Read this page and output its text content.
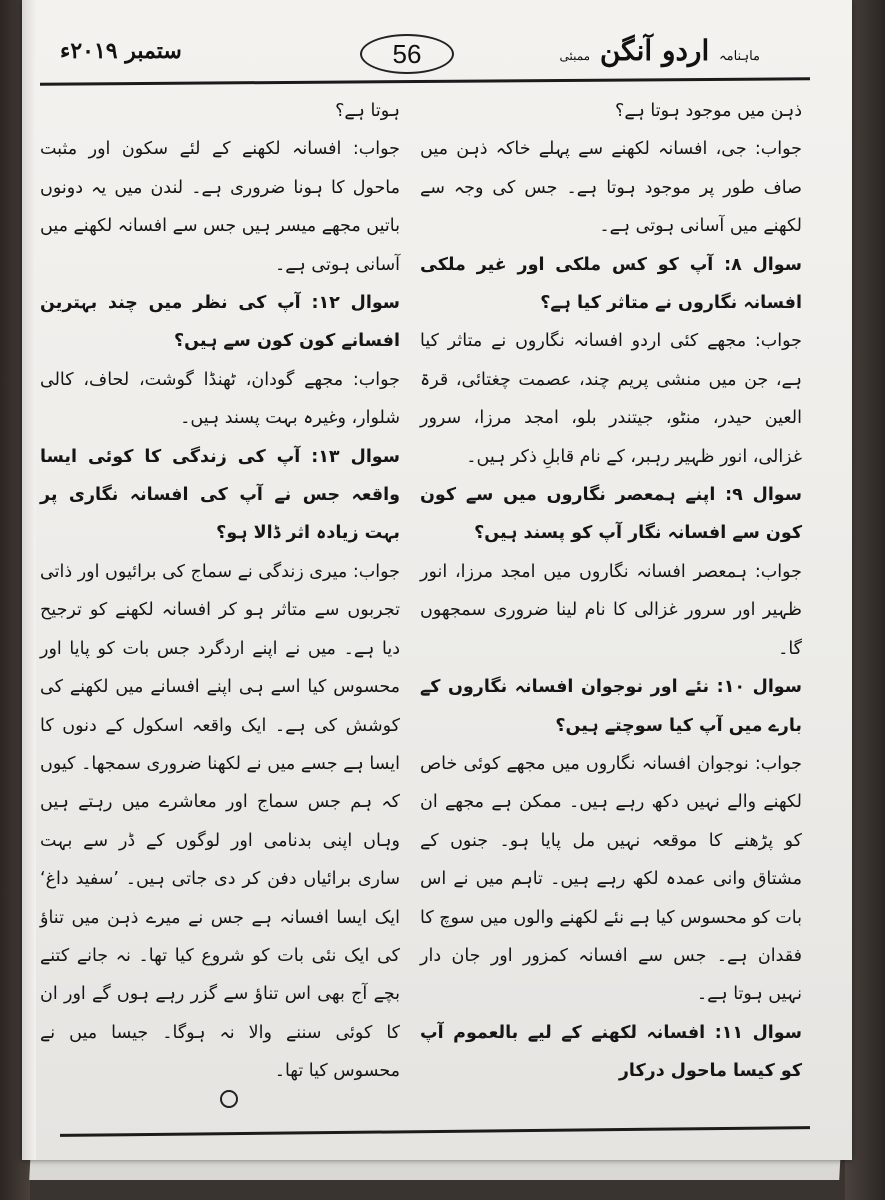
ستمبر ۲۰۱۹ء	56	ماہنامہ اردو آنگن ممبئی

ذہن میں موجود ہوتا ہے؟

جواب: جی، افسانہ لکھنے سے پہلے خاکہ ذہن میں صاف طور پر موجود ہوتا ہے۔ جس کی وجہ سے لکھنے میں آسانی ہوتی ہے۔

سوال ۸: آپ کو کس ملکی اور غیر ملکی افسانہ نگاروں نے متاثر کیا ہے؟

جواب: مجھے کئی اردو افسانہ نگاروں نے متاثر کیا ہے، جن میں منشی پریم چند، عصمت چغتائی، قرۃ العین حیدر، منٹو، جیتندر بلو، امجد مرزا، سرور غزالی، انور ظہیر رہبر، کے نام قابلِ ذکر ہیں۔

سوال ۹: اپنے ہمعصر نگاروں میں سے کون کون سے افسانہ نگار آپ کو پسند ہیں؟

جواب: ہمعصر افسانہ نگاروں میں امجد مرزا، انور ظہیر اور سرور غزالی کا نام لینا ضروری سمجھوں گا۔

سوال ۱۰: نئے اور نوجوان افسانہ نگاروں کے بارے میں آپ کیا سوچتے ہیں؟

جواب: نوجوان افسانہ نگاروں میں مجھے کوئی خاص لکھنے والے نہیں دکھ رہے ہیں۔ ممکن ہے مجھے ان کو پڑھنے کا موقعہ نہیں مل پایا ہو۔ جنوں کے مشتاق وانی عمدہ لکھ رہے ہیں۔ تاہم میں نے اس بات کو محسوس کیا ہے نئے لکھنے والوں میں سوچ کا فقدان ہے۔ جس سے افسانہ کمزور اور جان دار نہیں ہوتا ہے۔

سوال ۱۱: افسانہ لکھنے کے لیے بالعموم آپ کو کیسا ماحول درکار

ہوتا ہے؟

جواب: افسانہ لکھنے کے لئے سکون اور مثبت ماحول کا ہونا ضروری ہے۔ لندن میں یہ دونوں باتیں مجھے میسر ہیں جس سے افسانہ لکھنے میں آسانی ہوتی ہے۔

سوال ۱۲: آپ کی نظر میں چند بہترین افسانے کون کون سے ہیں؟

جواب: مجھے گودان، ٹھنڈا گوشت، لحاف، کالی شلوار، وغیرہ بہت پسند ہیں۔

سوال ۱۳: آپ کی زندگی کا کوئی ایسا واقعہ جس نے آپ کی افسانہ نگاری پر بہت زیادہ اثر ڈالا ہو؟

جواب: میری زندگی نے سماج کی برائیوں اور ذاتی تجربوں سے متاثر ہو کر افسانہ لکھنے کو ترجیح دیا ہے۔ میں نے اپنے اردگرد جس بات کو پایا اور محسوس کیا اسے ہی اپنے افسانے میں لکھنے کی کوشش کی ہے۔ ایک واقعہ اسکول کے دنوں کا ایسا ہے جسے میں نے لکھنا ضروری سمجھا۔ کیوں کہ ہم جس سماج اور معاشرے میں رہتے ہیں وہاں اپنی بدنامی اور لوگوں کے ڈر سے بہت ساری برائیاں دفن کر دی جاتی ہیں۔ ’سفید داغ‘ ایک ایسا افسانہ ہے جس نے میرے ذہن میں تناؤ کی ایک نئی بات کو شروع کیا تھا۔ نہ جانے کتنے بچے آج بھی اس تناؤ سے گزر رہے ہوں گے اور ان کا کوئی سننے والا نہ ہوگا۔ جیسا میں نے محسوس کیا تھا۔
